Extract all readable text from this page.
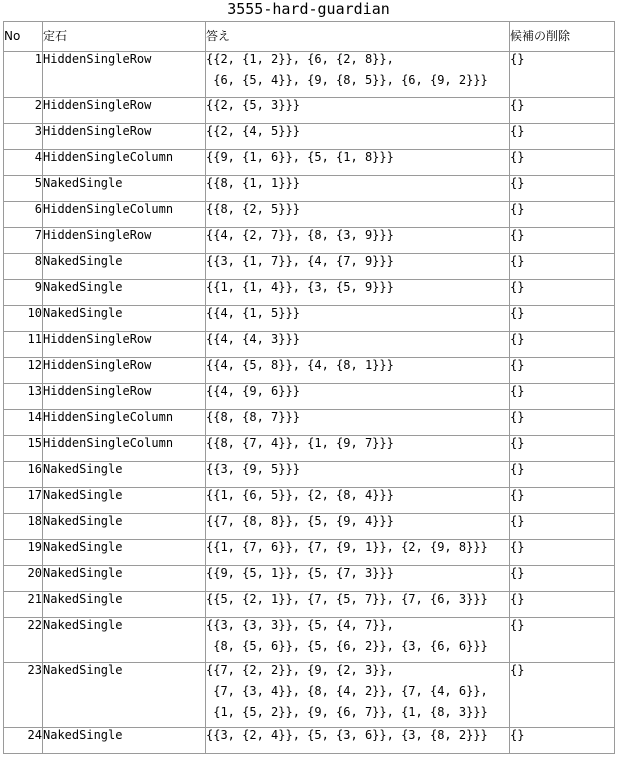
3555-hard-guardian
No	定石	答え	候補の削除
1	HiddenSingleRow	{{2, {1, 2}}, {6, {2, 8}},
{6, {5, 4}}, {9, {8, 5}}, {6, {9, 2}}}	{}
2	HiddenSingleRow	{{2, {5, 3}}}	{}
3	HiddenSingleRow	{{2, {4, 5}}}	{}
4	HiddenSingleColumn	{{9, {1, 6}}, {5, {1, 8}}}	{}
5	NakedSingle	{{8, {1, 1}}}	{}
6	HiddenSingleColumn	{{8, {2, 5}}}	{}
7	HiddenSingleRow	{{4, {2, 7}}, {8, {3, 9}}}	{}
8	NakedSingle	{{3, {1, 7}}, {4, {7, 9}}}	{}
9	NakedSingle	{{1, {1, 4}}, {3, {5, 9}}}	{}
10	NakedSingle	{{4, {1, 5}}}	{}
11	HiddenSingleRow	{{4, {4, 3}}}	{}
12	HiddenSingleRow	{{4, {5, 8}}, {4, {8, 1}}}	{}
13	HiddenSingleRow	{{4, {9, 6}}}	{}
14	HiddenSingleColumn	{{8, {8, 7}}}	{}
15	HiddenSingleColumn	{{8, {7, 4}}, {1, {9, 7}}}	{}
16	NakedSingle	{{3, {9, 5}}}	{}
17	NakedSingle	{{1, {6, 5}}, {2, {8, 4}}}	{}
18	NakedSingle	{{7, {8, 8}}, {5, {9, 4}}}	{}
19	NakedSingle	{{1, {7, 6}}, {7, {9, 1}}, {2, {9, 8}}}	{}
20	NakedSingle	{{9, {5, 1}}, {5, {7, 3}}}	{}
21	NakedSingle	{{5, {2, 1}}, {7, {5, 7}}, {7, {6, 3}}}	{}
22	NakedSingle	{{3, {3, 3}}, {5, {4, 7}},
{8, {5, 6}}, {5, {6, 2}}, {3, {6, 6}}}	{}
23	NakedSingle	{{7, {2, 2}}, {9, {2, 3}},
{7, {3, 4}}, {8, {4, 2}}, {7, {4, 6}},
{1, {5, 2}}, {9, {6, 7}}, {1, {8, 3}}}	{}
24	NakedSingle	{{3, {2, 4}}, {5, {3, 6}}, {3, {8, 2}}}	{}
